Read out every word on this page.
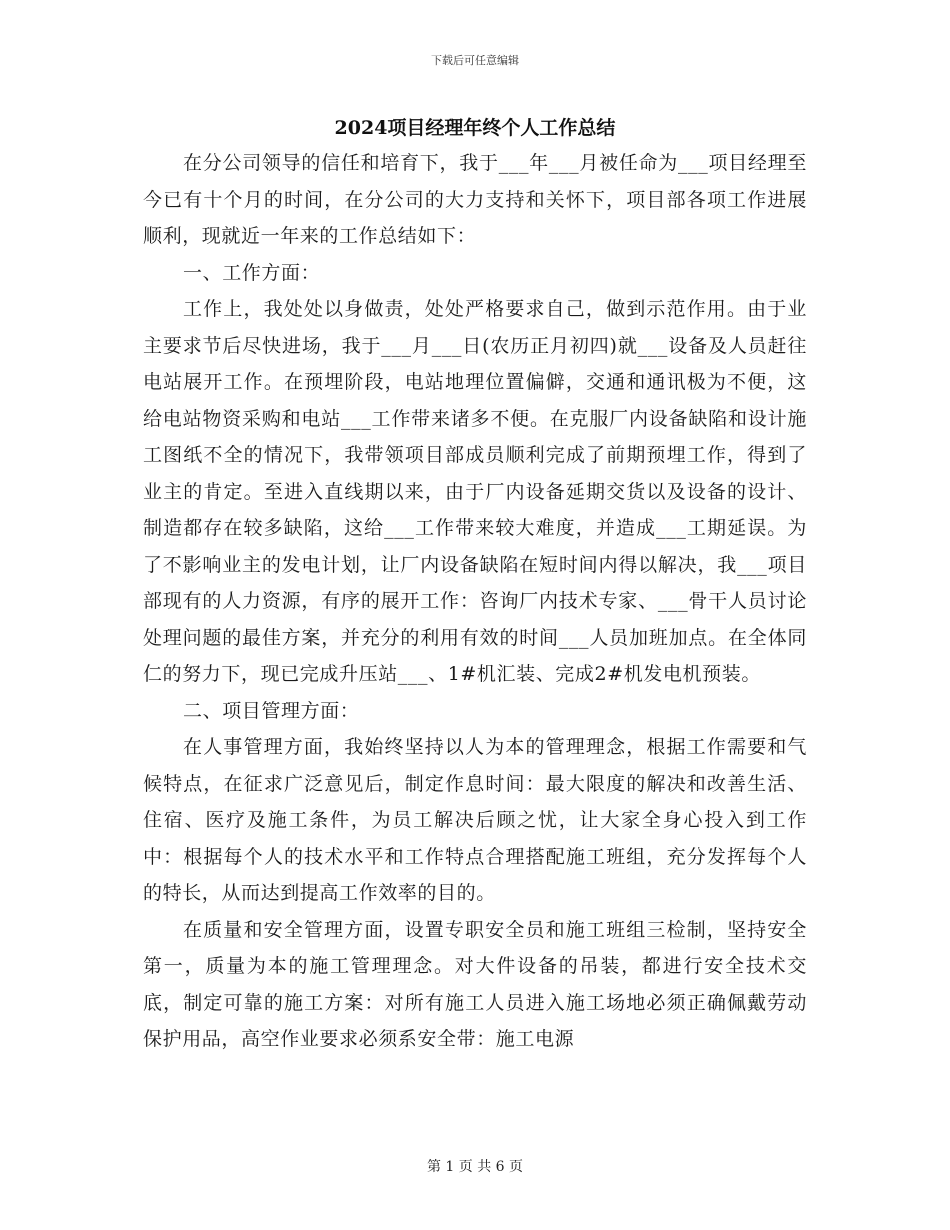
下载后可任意编辑
2024项目经理年终个人工作总结

在分公司领导的信任和培育下，我于___年___月被任命为___项目经理至今已有十个月的时间，在分公司的大力支持和关怀下，项目部各项工作进展顺利，现就近一年来的工作总结如下：

一、工作方面：

工作上，我处处以身做责，处处严格要求自己，做到示范作用。由于业主要求节后尽快进场，我于___月___日(农历正月初四)就___设备及人员赶往电站展开工作。在预埋阶段，电站地理位置偏僻，交通和通讯极为不便，这给电站物资采购和电站___工作带来诸多不便。在克服厂内设备缺陷和设计施工图纸不全的情况下，我带领项目部成员顺利完成了前期预埋工作，得到了业主的肯定。至进入直线期以来，由于厂内设备延期交货以及设备的设计、制造都存在较多缺陷，这给___工作带来较大难度，并造成___工期延误。为了不影响业主的发电计划，让厂内设备缺陷在短时间内得以解决，我___项目部现有的人力资源，有序的展开工作：咨询厂内技术专家、___骨干人员讨论处理问题的最佳方案，并充分的利用有效的时间___人员加班加点。在全体同仁的努力下，现已完成升压站___、1#机汇装、完成2#机发电机预装。

二、项目管理方面：

在人事管理方面，我始终坚持以人为本的管理理念，根据工作需要和气候特点，在征求广泛意见后，制定作息时间：最大限度的解决和改善生活、住宿、医疗及施工条件，为员工解决后顾之忧，让大家全身心投入到工作中：根据每个人的技术水平和工作特点合理搭配施工班组，充分发挥每个人的特长，从而达到提高工作效率的目的。

在质量和安全管理方面，设置专职安全员和施工班组三检制，坚持安全第一，质量为本的施工管理理念。对大件设备的吊装，都进行安全技术交底，制定可靠的施工方案：对所有施工人员进入施工场地必须正确佩戴劳动保护用品，高空作业要求必须系安全带：施工电源

第 1 页 共 6 页
